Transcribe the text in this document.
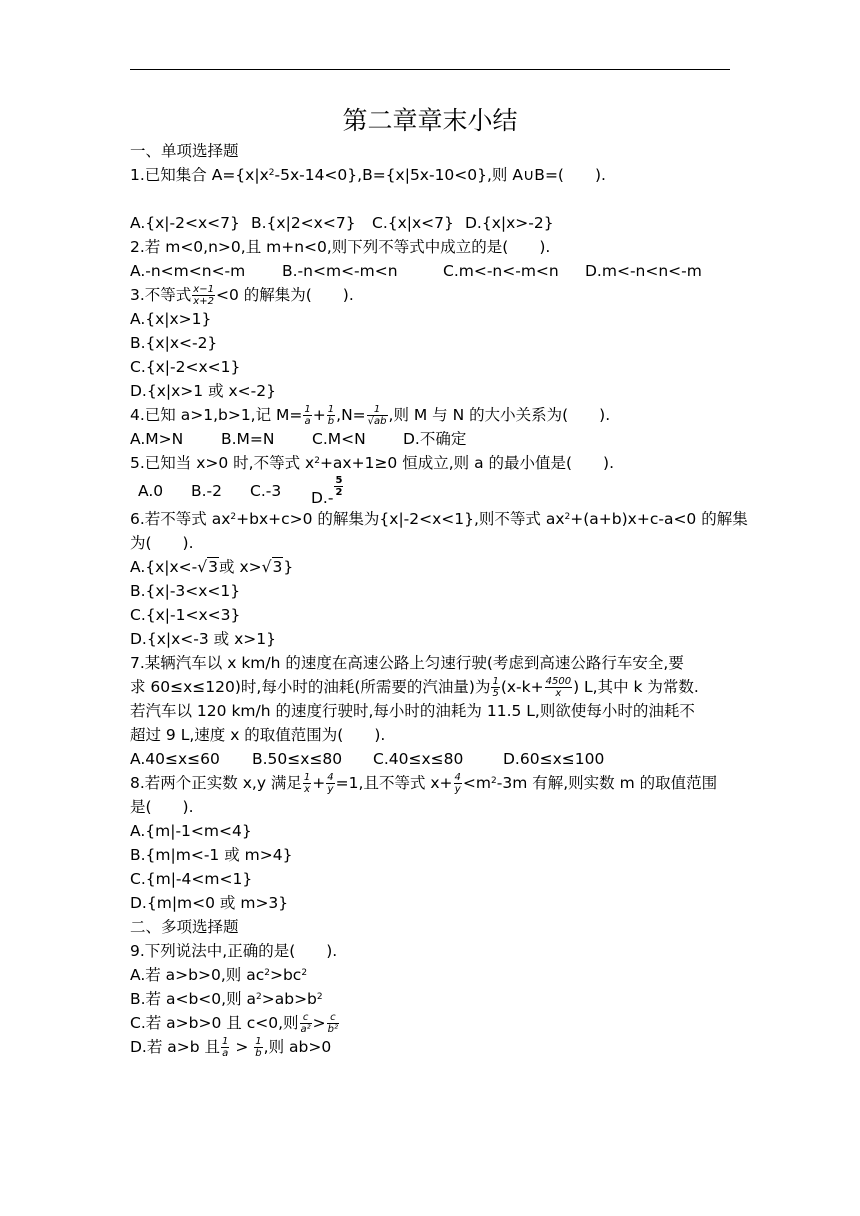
第二章章末小结
一、单项选择题
1.已知集合 $A=\{x|x^2-5x-14<0\},B=\{x|5x-10<0\}$,则 A∪B=(　　).
A.{x|-2<x<7} B.{x|2<x<7}	C.{x|x<7} D.{x|x>-2}
2.若 m<0,n>0,且 m+n<0,则下列不等式中成立的是(　　).
A.-n<m<n<-m	B.-n<m<-m<n	C.m<-n<-m<n	D.m<-n<n<-m
3.不等式 $\frac{x-1}{x+2} <0$ 的解集为(　　).
A.{x|x>1}
B.{x|x<-2}
C.{x|-2<x<1}
D.{x|x>1 或 x<-2}
4.已知 a>1,b>1,记 $M= \frac{1}{a} + \frac{1}{b} ,N= \frac{1}{√ab}$ ,则 M 与 N 的大小关系为(　　).
A.M>N	B.M=N	C.M<N	D.不确定
5.已知当 x>0 时,不等式 $x^2+ax+1\ge 0$ 恒成立,则 a 的最小值是(　　).
A.0	B.-2	C.-3	$D.- \frac{5}{2}$
6.若不等式 $ax^2+bx+c>0$ 的解集为{x|-2<x<1},则不等式 $ax^2+(a+b)x+c-a<0$ 的解集
为(　　).
A.{x|x<-√3或 x>√3}
B.{x|-3<x<1}
C.{x|-1<x<3}
D.{x|x<-3 或 x>1}
7.某辆汽车以 x km/h 的速度在高速公路上匀速行驶(考虑到高速公路行车安全,要
求 60≤x≤120)时,每小时的油耗(所需要的汽油量)为 $\frac{1}{5} (x-k+ \frac{4500}{x}$ ) L,其中 k 为常数.
若汽车以 120 km/h 的速度行驶时,每小时的油耗为 11.5 L,则欲使每小时的油耗不
超过 9 L,速度 x 的取值范围为(　　).
A.40≤x≤60	B.50≤x≤80	C.40≤x≤80	D.60≤x≤100
8.若两个正实数 x,y 满足 $\frac{1}{x} + \frac{4}{y} =1$,且不等式 $x+ \frac{4}{y} <m^2-3m$ 有解,则实数 m 的取值范围
是(　　).
A.{m|-1<m<4}
B.{m|m<-1 或 m>4}
C.{m|-4<m<1}
D.{m|m<0 或 m>3}
二、多项选择题
9.下列说法中,正确的是(　　).
A.若 a>b>0,则 $ac^2>bc^2$
B.若 a<b<0,则 $a^2>ab>b^2$
C.若 a>b>0 且 c<0,则 $\frac{c}{\text{a²}} > \frac{c}{\text{b²}}$
D.若 a>b 且 $\frac{1}{a} > \frac{1}{b}$ ,则 ab>0
